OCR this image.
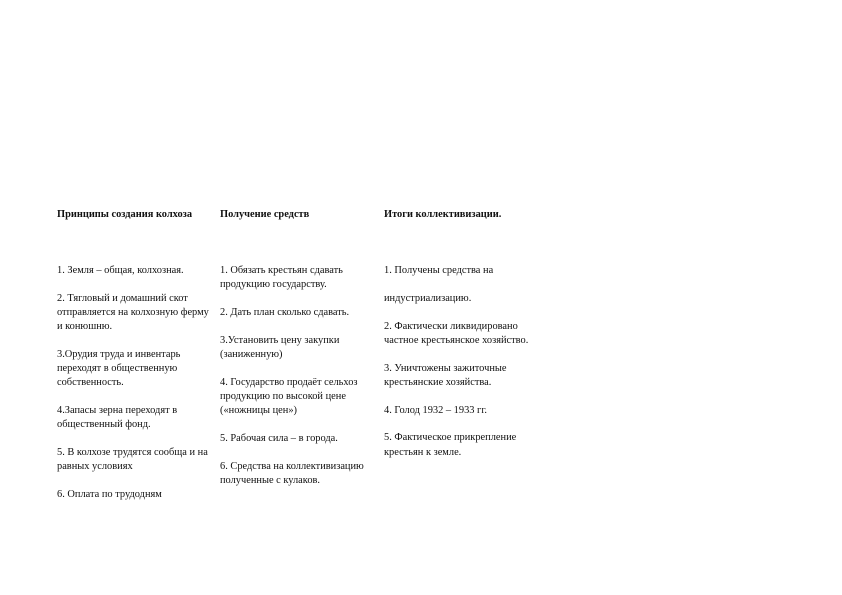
Принципы создания колхоза

1. Земля – общая, колхозная.

2. Тягловый и домашний скот отправляется на колхозную ферму и конюшню.

3.Орудия труда и инвентарь переходят в общественную собственность.

4.Запасы зерна переходят в общественный фонд.

5. В колхозе трудятся сообща и на равных условиях

6. Оплата по трудодням

Получение средств

1. Обязать крестьян сдавать продукцию государству.

2. Дать план сколько сдавать.

3.Установить цену закупки (заниженную)

4. Государство продаёт сельхоз продукцию по высокой цене («ножницы цен»)

5. Рабочая сила – в города.

6. Средства на коллективизацию полученные с кулаков.

Итоги коллективизации.

1. Получены средства на

индустриализацию.

2. Фактически ликвидировано частное крестьянское хозяйство.

3. Уничтожены зажиточные крестьянские хозяйства.

4. Голод 1932 – 1933 гг.

5. Фактическое прикрепление крестьян к земле.
